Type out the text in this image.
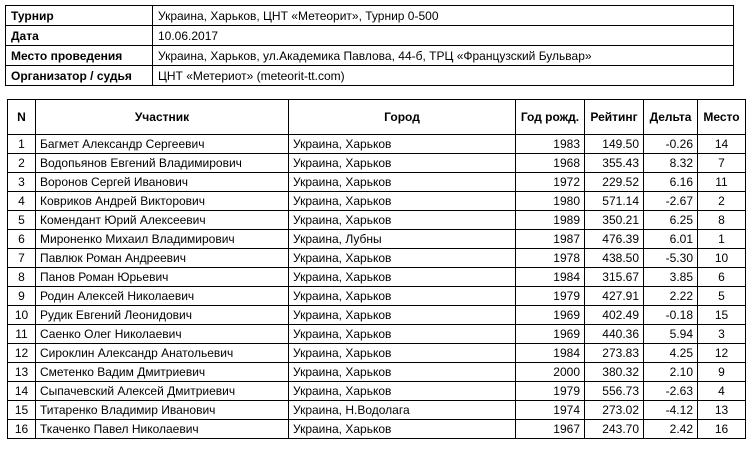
Турнир	Украина, Харьков, ЦНТ «Метеорит», Турнир 0-500
Дата	10.06.2017
Место проведения	Украина, Харьков, ул.Академика Павлова, 44-б, ТРЦ «Французский Бульвар»
Организатор / судья	ЦНТ «Метериот» (meteorit-tt.com)
N	Участник	Город	Год рожд.	Рейтинг	Дельта	Место
1	Багмет Александр Сергеевич	Украина, Харьков	1983	149.50	-0.26	14
2	Водопьянов Евгений Владимирович	Украина, Харьков	1968	355.43	8.32	7
3	Воронов Сергей Иванович	Украина, Харьков	1972	229.52	6.16	11
4	Ковриков Андрей Викторович	Украина, Харьков	1980	571.14	-2.67	2
5	Комендант Юрий Алексеевич	Украина, Харьков	1989	350.21	6.25	8
6	Мироненко Михаил Владимирович	Украина, Лубны	1987	476.39	6.01	1
7	Павлюк Роман Андреевич	Украина, Харьков	1978	438.50	-5.30	10
8	Панов Роман Юрьевич	Украина, Харьков	1984	315.67	3.85	6
9	Родин Алексей Николаевич	Украина, Харьков	1979	427.91	2.22	5
10	Рудик Евгений Леонидович	Украина, Харьков	1969	402.49	-0.18	15
11	Саенко Олег Николаевич	Украина, Харьков	1969	440.36	5.94	3
12	Сироклин Александр Анатольевич	Украина, Харьков	1984	273.83	4.25	12
13	Сметенко Вадим Дмитриевич	Украина, Харьков	2000	380.32	2.10	9
14	Сыпачевский Алексей Дмитриевич	Украина, Харьков	1979	556.73	-2.63	4
15	Титаренко Владимир Иванович	Украина, Н.Водолага	1974	273.02	-4.12	13
16	Ткаченко Павел Николаевич	Украина, Харьков	1967	243.70	2.42	16
